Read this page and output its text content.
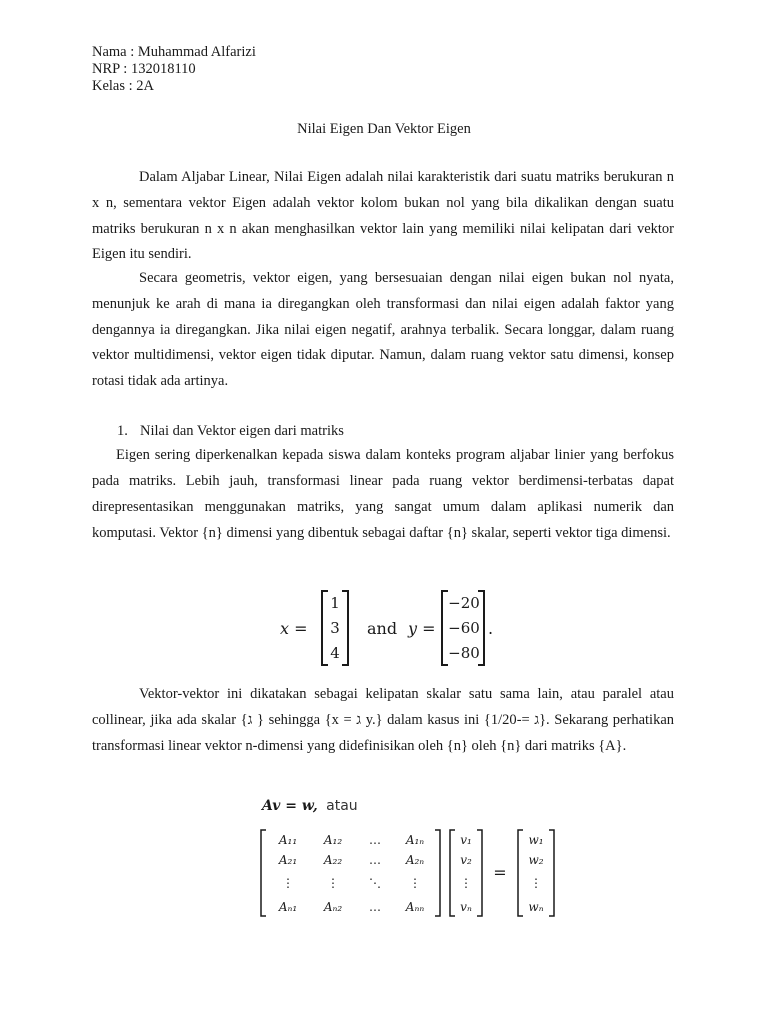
Nama : Muhammad Alfarizi
NRP : 132018110
Kelas : 2A
Nilai Eigen Dan Vektor Eigen

Dalam Aljabar Linear, Nilai Eigen adalah nilai karakteristik dari suatu matriks berukuran n x n, sementara vektor Eigen adalah vektor kolom bukan nol yang bila dikalikan dengan suatu matriks berukuran n x n akan menghasilkan vektor lain yang memiliki nilai kelipatan dari vektor Eigen itu sendiri.

Secara geometris, vektor eigen, yang bersesuaian dengan nilai eigen bukan nol nyata, menunjuk ke arah di mana ia diregangkan oleh transformasi dan nilai eigen adalah faktor yang dengannya ia diregangkan. Jika nilai eigen negatif, arahnya terbalik. Secara longgar, dalam ruang vektor multidimensi, vektor eigen tidak diputar. Namun, dalam ruang vektor satu dimensi, konsep rotasi tidak ada artinya.

1. Nilai dan Vektor eigen dari matriks

Eigen sering diperkenalkan kepada siswa dalam konteks program aljabar linier yang berfokus pada matriks. Lebih jauh, transformasi linear pada ruang vektor berdimensi-terbatas dapat direpresentasikan menggunakan matriks, yang sangat umum dalam aplikasi numerik dan komputasi. Vektor {n} dimensi yang dibentuk sebagai daftar {n} skalar, seperti vektor tiga dimensi.

x =
1
3
4
and y =
−20
−60
−80
.

Vektor-vektor ini dikatakan sebagai kelipatan skalar satu sama lain, atau paralel atau collinear, jika ada skalar {ג } sehingga {x = ג y.} dalam kasus ini {ג =-1/20}. Sekarang perhatikan transformasi linear vektor n-dimensi yang didefinisikan oleh {n} oleh {n} dari matriks {A}.

Av = w, atau
A₁₁ A₁₂ … A₁ₙ
A₂₁ A₂₂ … A₂ₙ
⋮	⋮	⋱ ⋮
Aₙ₁ Aₙ₂ … Aₙₙ
v₁
v₂
⋮
vₙ
=
w₁
w₂
⋮
wₙ
